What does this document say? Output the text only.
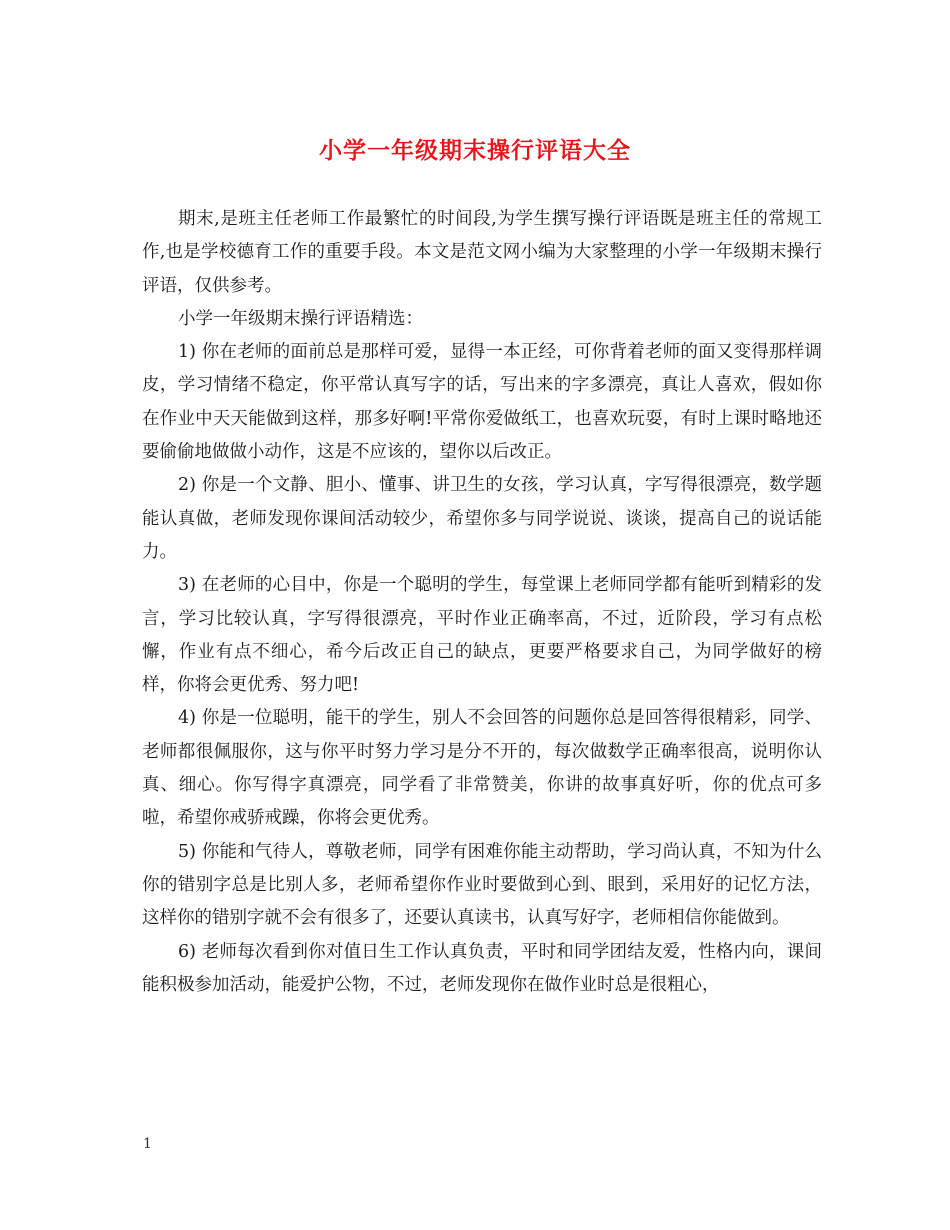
小学一年级期末操行评语大全

期末,是班主任老师工作最繁忙的时间段,为学生撰写操行评语既是班主任的常规工作,也是学校德育工作的重要手段。本文是范文网小编为大家整理的小学一年级期末操行评语，仅供参考。

小学一年级期末操行评语精选：

1) 你在老师的面前总是那样可爱，显得一本正经，可你背着老师的面又变得那样调皮，学习情绪不稳定，你平常认真写字的话，写出来的字多漂亮，真让人喜欢，假如你在作业中天天能做到这样，那多好啊!平常你爱做纸工，也喜欢玩耍，有时上课时略地还要偷偷地做做小动作，这是不应该的，望你以后改正。

2) 你是一个文静、胆小、懂事、讲卫生的女孩，学习认真，字写得很漂亮，数学题能认真做，老师发现你课间活动较少，希望你多与同学说说、谈谈，提高自己的说话能力。

3) 在老师的心目中，你是一个聪明的学生，每堂课上老师同学都有能听到精彩的发言，学习比较认真，字写得很漂亮，平时作业正确率高，不过，近阶段，学习有点松懈，作业有点不细心，希今后改正自己的缺点，更要严格要求自己，为同学做好的榜样，你将会更优秀、努力吧!

4) 你是一位聪明，能干的学生，别人不会回答的问题你总是回答得很精彩，同学、老师都很佩服你，这与你平时努力学习是分不开的，每次做数学正确率很高，说明你认真、细心。你写得字真漂亮，同学看了非常赞美，你讲的故事真好听，你的优点可多啦，希望你戒骄戒躁，你将会更优秀。

5) 你能和气待人，尊敬老师，同学有困难你能主动帮助，学习尚认真，不知为什么你的错别字总是比别人多，老师希望你作业时要做到心到、眼到，采用好的记忆方法，这样你的错别字就不会有很多了，还要认真读书，认真写好字，老师相信你能做到。

6) 老师每次看到你对值日生工作认真负责，平时和同学团结友爱，性格内向，课间能积极参加活动，能爱护公物，不过，老师发现你在做作业时总是很粗心，

1
